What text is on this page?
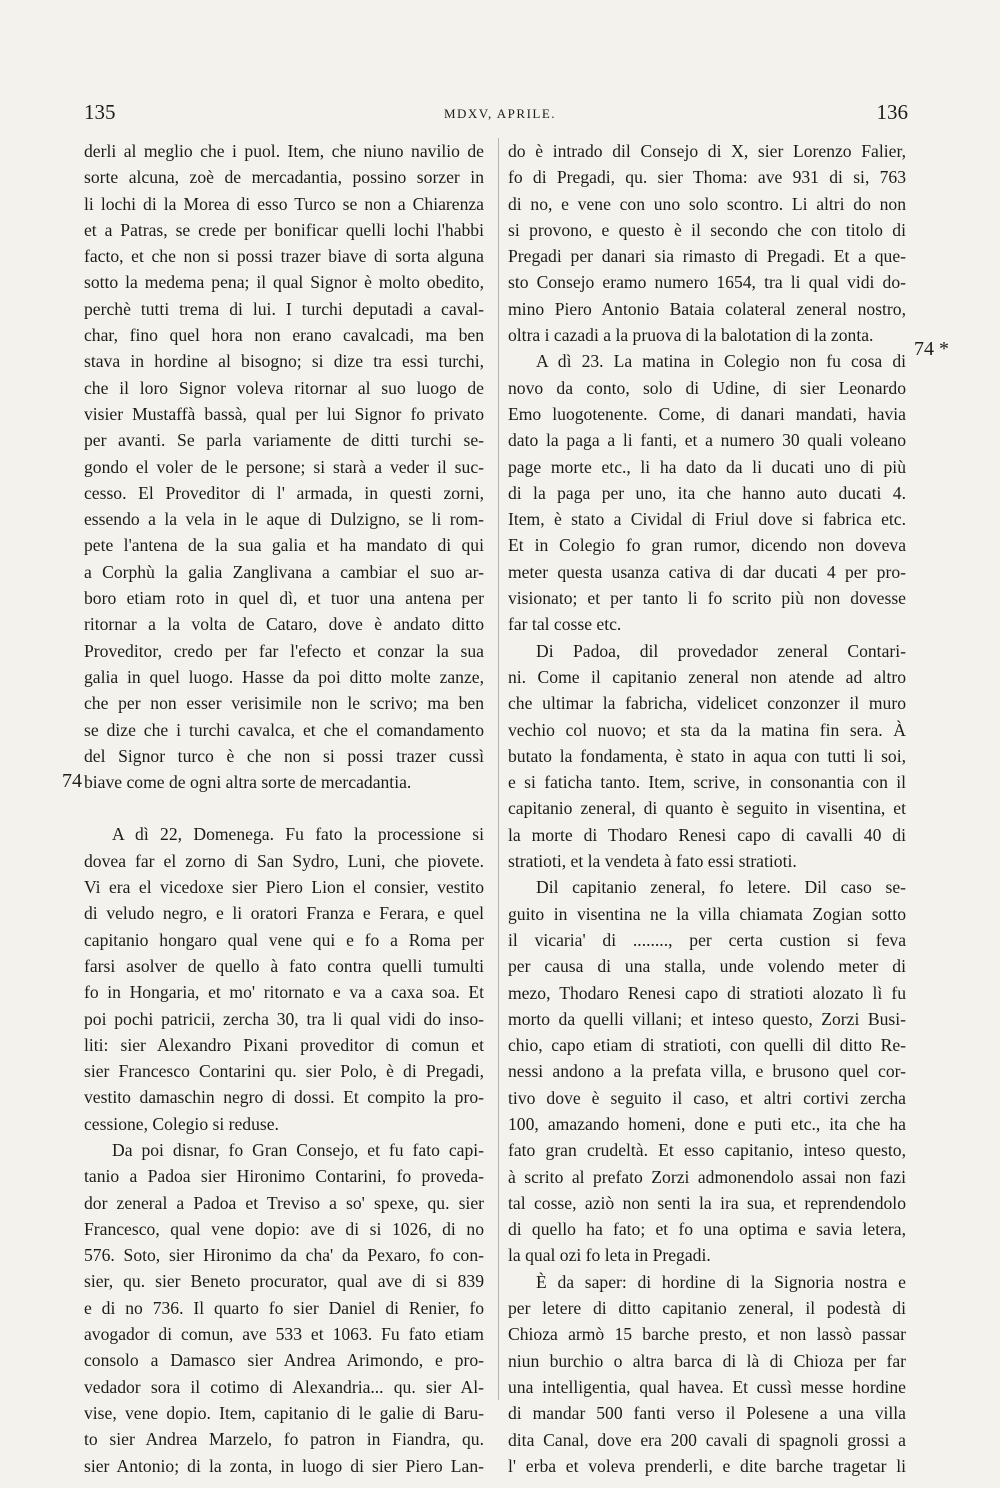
135	MDXV, APRILE.	136
74
74 *
derli al meglio che i puol. Item, che niuno navilio de
sorte alcuna, zoè de mercadantia, possino sorzer in
li lochi di la Morea di esso Turco se non a Chiarenza
et a Patras, se crede per bonificar quelli lochi l'habbi
facto, et che non si possi trazer biave di sorta alguna
sotto la medema pena; il qual Signor è molto obedito,
perchè tutti trema di lui. I turchi deputadi a caval-
char, fino quel hora non erano cavalcadi, ma ben
stava in hordine al bisogno; si dize tra essi turchi,
che il loro Signor voleva ritornar al suo luogo de
visier Mustaffà bassà, qual per lui Signor fo privato
per avanti. Se parla variamente de ditti turchi se-
gondo el voler de le persone; si starà a veder il suc-
cesso. El Proveditor di l' armada, in questi zorni,
essendo a la vela in le aque di Dulzigno, se li rom-
pete l'antena de la sua galia et ha mandato di qui
a Corphù la galia Zanglivana a cambiar el suo ar-
boro etiam roto in quel dì, et tuor una antena per
ritornar a la volta de Cataro, dove è andato ditto
Proveditor, credo per far l'efecto et conzar la sua
galia in quel luogo. Hasse da poi ditto molte zanze,
che per non esser verisimile non le scrivo; ma ben
se dize che i turchi cavalca, et che el comandamento
del Signor turco è che non si possi trazer cussì
biave come de ogni altra sorte de mercadantia.
A dì 22, Domenega. Fu fato la processione si
dovea far el zorno di San Sydro, Luni, che piovete.
Vi era el vicedoxe sier Piero Lion el consier, vestito
di veludo negro, e li oratori Franza e Ferara, e quel
capitanio hongaro qual vene qui e fo a Roma per
farsi asolver de quello à fato contra quelli tumulti
fo in Hongaria, et mo' ritornato e va a caxa soa. Et
poi pochi patricii, zercha 30, tra li qual vidi do inso-
liti: sier Alexandro Pixani proveditor di comun et
sier Francesco Contarini qu. sier Polo, è di Pregadi,
vestito damaschin negro di dossi. Et compito la pro-
cessione, Colegio si reduse.
Da poi disnar, fo Gran Consejo, et fu fato capi-
tanio a Padoa sier Hironimo Contarini, fo proveda-
dor zeneral a Padoa et Treviso a so' spexe, qu. sier
Francesco, qual vene dopio: ave di si 1026, di no
576. Soto, sier Hironimo da cha' da Pexaro, fo con-
sier, qu. sier Beneto procurator, qual ave di si 839
e di no 736. Il quarto fo sier Daniel di Renier, fo
avogador di comun, ave 533 et 1063. Fu fato etiam
consolo a Damasco sier Andrea Arimondo, e pro-
vedador sora il cotimo di Alexandria... qu. sier Al-
vise, vene dopio. Item, capitanio di le galie di Baru-
to sier Andrea Marzelo, fo patron in Fiandra, qu.
sier Antonio; di la zonta, in luogo di sier Piero Lan-
do è intrado dil Consejo di X, sier Lorenzo Falier,
fo di Pregadi, qu. sier Thoma: ave 931 di si, 763
di no, e vene con uno solo scontro. Li altri do non
si provono, e questo è il secondo che con titolo di
Pregadi per danari sia rimasto di Pregadi. Et a que-
sto Consejo eramo numero 1654, tra li qual vidi do-
mino Piero Antonio Bataia colateral zeneral nostro,
oltra i cazadi a la pruova di la balotation di la zonta.
A dì 23. La matina in Colegio non fu cosa di
novo da conto, solo di Udine, di sier Leonardo
Emo luogotenente. Come, di danari mandati, havia
dato la paga a li fanti, et a numero 30 quali voleano
page morte etc., li ha dato da li ducati uno di più
di la paga per uno, ita che hanno auto ducati 4.
Item, è stato a Cividal di Friul dove si fabrica etc.
Et in Colegio fo gran rumor, dicendo non doveva
meter questa usanza cativa di dar ducati 4 per pro-
visionato; et per tanto li fo scrito più non dovesse
far tal cosse etc.
Di Padoa, dil provedador zeneral Contari-
ni. Come il capitanio zeneral non atende ad altro
che ultimar la fabricha, videlicet conzonzer il muro
vechio col nuovo; et sta da la matina fin sera. À
butato la fondamenta, è stato in aqua con tutti li soi,
e si faticha tanto. Item, scrive, in consonantia con il
capitanio zeneral, di quanto è seguito in visentina, et
la morte di Thodaro Renesi capo di cavalli 40 di
stratioti, et la vendeta à fato essi stratioti.
Dil capitanio zeneral, fo letere. Dil caso se-
guito in visentina ne la villa chiamata Zogian sotto
il vicaria' di ........, per certa custion si feva
per causa di una stalla, unde volendo meter di
mezo, Thodaro Renesi capo di stratioti alozato lì fu
morto da quelli villani; et inteso questo, Zorzi Busi-
chio, capo etiam di stratioti, con quelli dil ditto Re-
nessi andono a la prefata villa, e brusono quel cor-
tivo dove è seguito il caso, et altri cortivi zercha
100, amazando homeni, done e puti etc., ita che ha
fato gran crudeltà. Et esso capitanio, inteso questo,
à scrito al prefato Zorzi admonendolo assai non fazi
tal cosse, aziò non senti la ira sua, et reprendendolo
di quello ha fato; et fo una optima e savia letera,
la qual ozi fo leta in Pregadi.
È da saper: di hordine di la Signoria nostra e
per letere di ditto capitanio zeneral, il podestà di
Chioza armò 15 barche presto, et non lassò passar
niun burchio o altra barca di là di Chioza per far
una intelligentia, qual havea. Et cussì messe hordine
di mandar 500 fanti verso il Polesene a una villa
dita Canal, dove era 200 cavali di spagnoli grossi a
l' erba et voleva prenderli, e dite barche tragetar li
